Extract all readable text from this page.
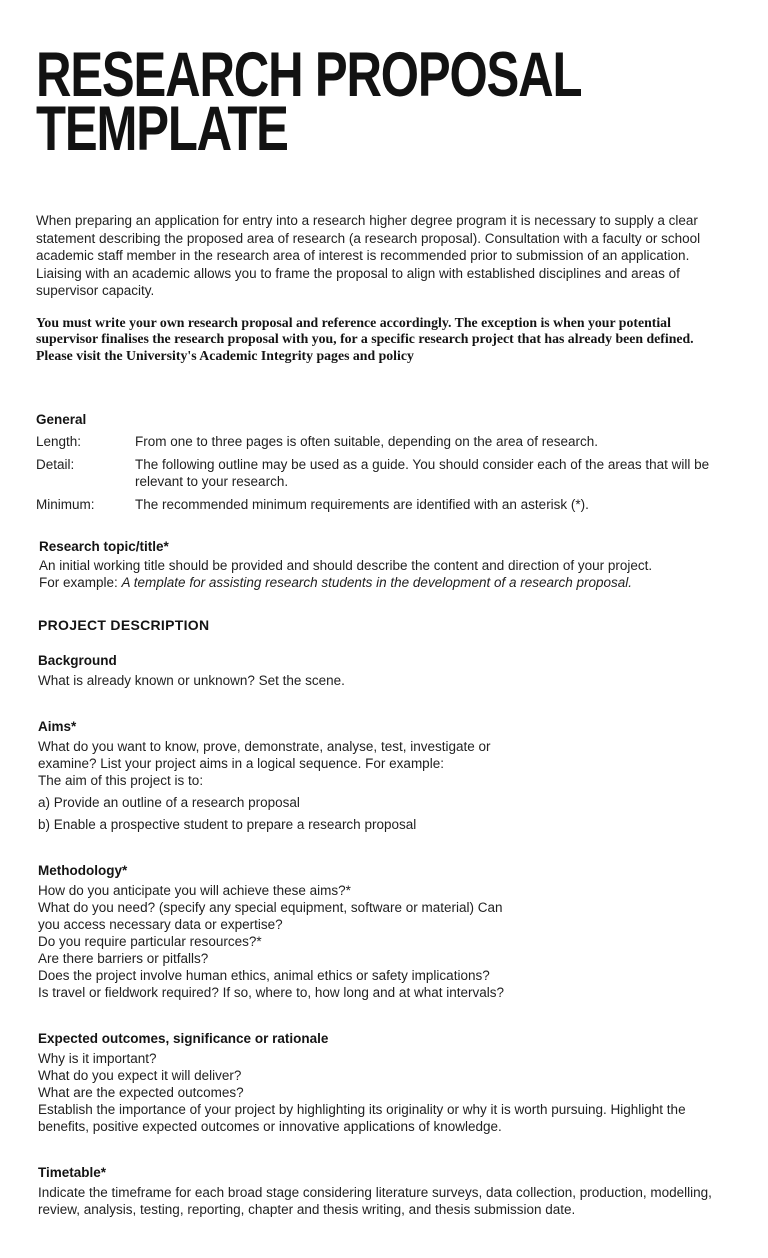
RESEARCH PROPOSAL
TEMPLATE

When preparing an application for entry into a research higher degree program it is necessary to supply a clear statement describing the proposed area of research (a research proposal). Consultation with a faculty or school academic staff member in the research area of interest is recommended prior to submission of an application. Liaising with an academic allows you to frame the proposal to align with established disciplines and areas of supervisor capacity.

You must write your own research proposal and reference accordingly. The exception is when your potential supervisor finalises the research proposal with you, for a specific research project that has already been defined. Please visit the University's Academic Integrity pages and policy

General
Length:	From one to three pages is often suitable, depending on the area of research.
Detail:	The following outline may be used as a guide. You should consider each of the areas that will be relevant to your research.
Minimum:	The recommended minimum requirements are identified with an asterisk (*).
Research topic/title*
An initial working title should be provided and should describe the content and direction of your project.
For example: A template for assisting research students in the development of a research proposal.
PROJECT DESCRIPTION
Background
What is already known or unknown? Set the scene.
Aims*
What do you want to know, prove, demonstrate, analyse, test, investigate or
examine? List your project aims in a logical sequence. For example:
The aim of this project is to:
a) Provide an outline of a research proposal
b) Enable a prospective student to prepare a research proposal
Methodology*
How do you anticipate you will achieve these aims?*
What do you need? (specify any special equipment, software or material) Can
you access necessary data or expertise?
Do you require particular resources?*
Are there barriers or pitfalls?
Does the project involve human ethics, animal ethics or safety implications?
Is travel or fieldwork required? If so, where to, how long and at what intervals?
Expected outcomes, significance or rationale
Why is it important?
What do you expect it will deliver?
What are the expected outcomes?
Establish the importance of your project by highlighting its originality or why it is worth pursuing. Highlight the benefits, positive expected outcomes or innovative applications of knowledge.
Timetable*
Indicate the timeframe for each broad stage considering literature surveys, data collection, production, modelling, review, analysis, testing, reporting, chapter and thesis writing, and thesis submission date.
